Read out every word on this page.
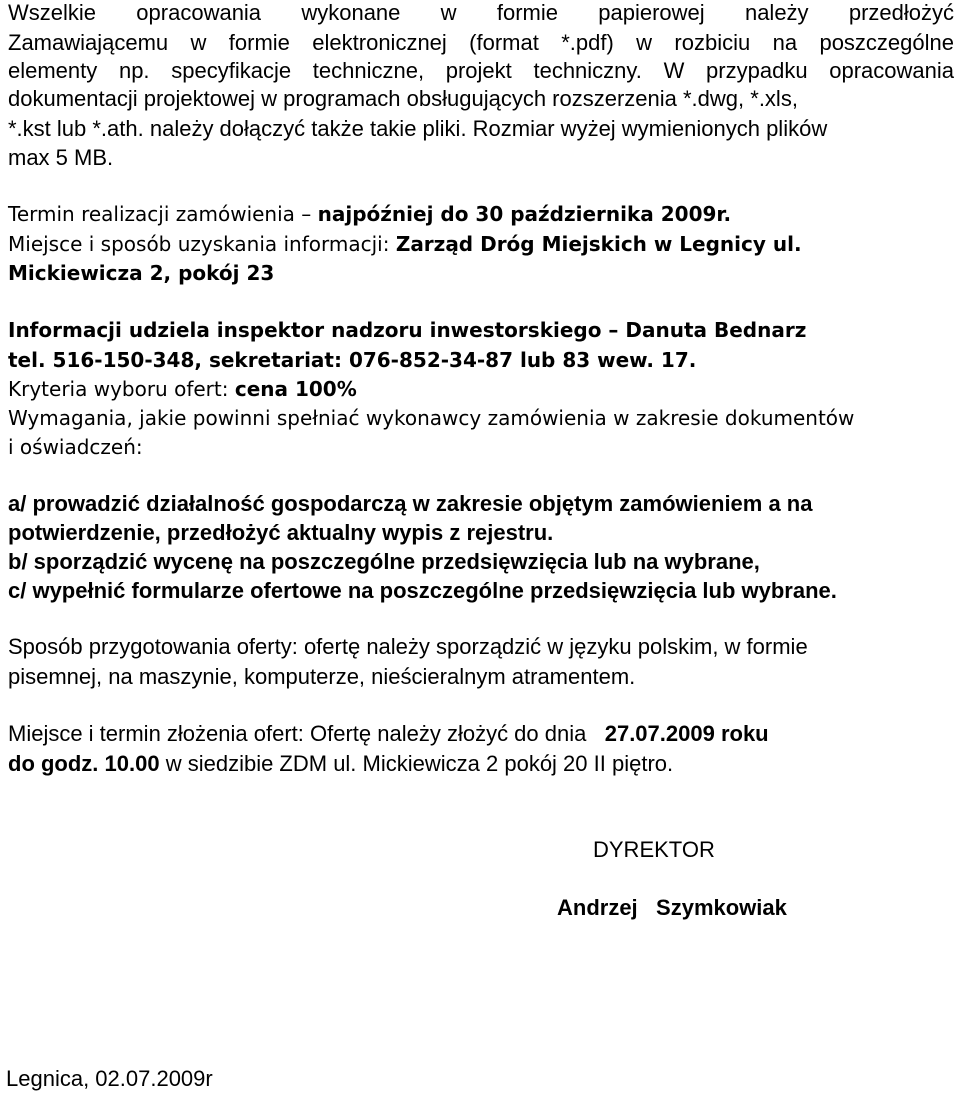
Wszelkie opracowania wykonane w formie papierowej należy przedłożyć
Zamawiającemu w formie elektronicznej (format *.pdf) w rozbiciu na poszczególne
elementy np. specyfikacje techniczne, projekt techniczny. W przypadku opracowania
dokumentacji projektowej w programach obsługujących rozszerzenia *.dwg, *.xls,
*.kst lub *.ath. należy dołączyć także takie pliki. Rozmiar wyżej wymienionych plików
max 5 MB.
Termin realizacji zamówienia – najpóźniej do 30 października 2009r.
Miejsce i sposób uzyskania informacji: Zarząd Dróg Miejskich w Legnicy ul.
Mickiewicza 2, pokój 23
Informacji udziela inspektor nadzoru inwestorskiego – Danuta Bednarz
tel. 516-150-348, sekretariat: 076-852-34-87 lub 83 wew. 17.
Kryteria wyboru ofert: cena 100%
Wymagania, jakie powinni spełniać wykonawcy zamówienia w zakresie dokumentów
i oświadczeń:
a/ prowadzić działalność gospodarczą w zakresie objętym zamówieniem a na
potwierdzenie, przedłożyć aktualny wypis z rejestru.
b/ sporządzić wycenę na poszczególne przedsięwzięcia lub na wybrane,
c/ wypełnić formularze ofertowe na poszczególne przedsięwzięcia lub wybrane.
Sposób przygotowania oferty: ofertę należy sporządzić w języku polskim, w formie
pisemnej, na maszynie, komputerze, nieścieralnym atramentem.
Miejsce i termin złożenia ofert: Ofertę należy złożyć do dnia   27.07.2009 roku
do godz. 10.00 w siedzibie ZDM ul. Mickiewicza 2 pokój 20 II piętro.
DYREKTOR
Andrzej Szymkowiak
Legnica, 02.07.2009r
